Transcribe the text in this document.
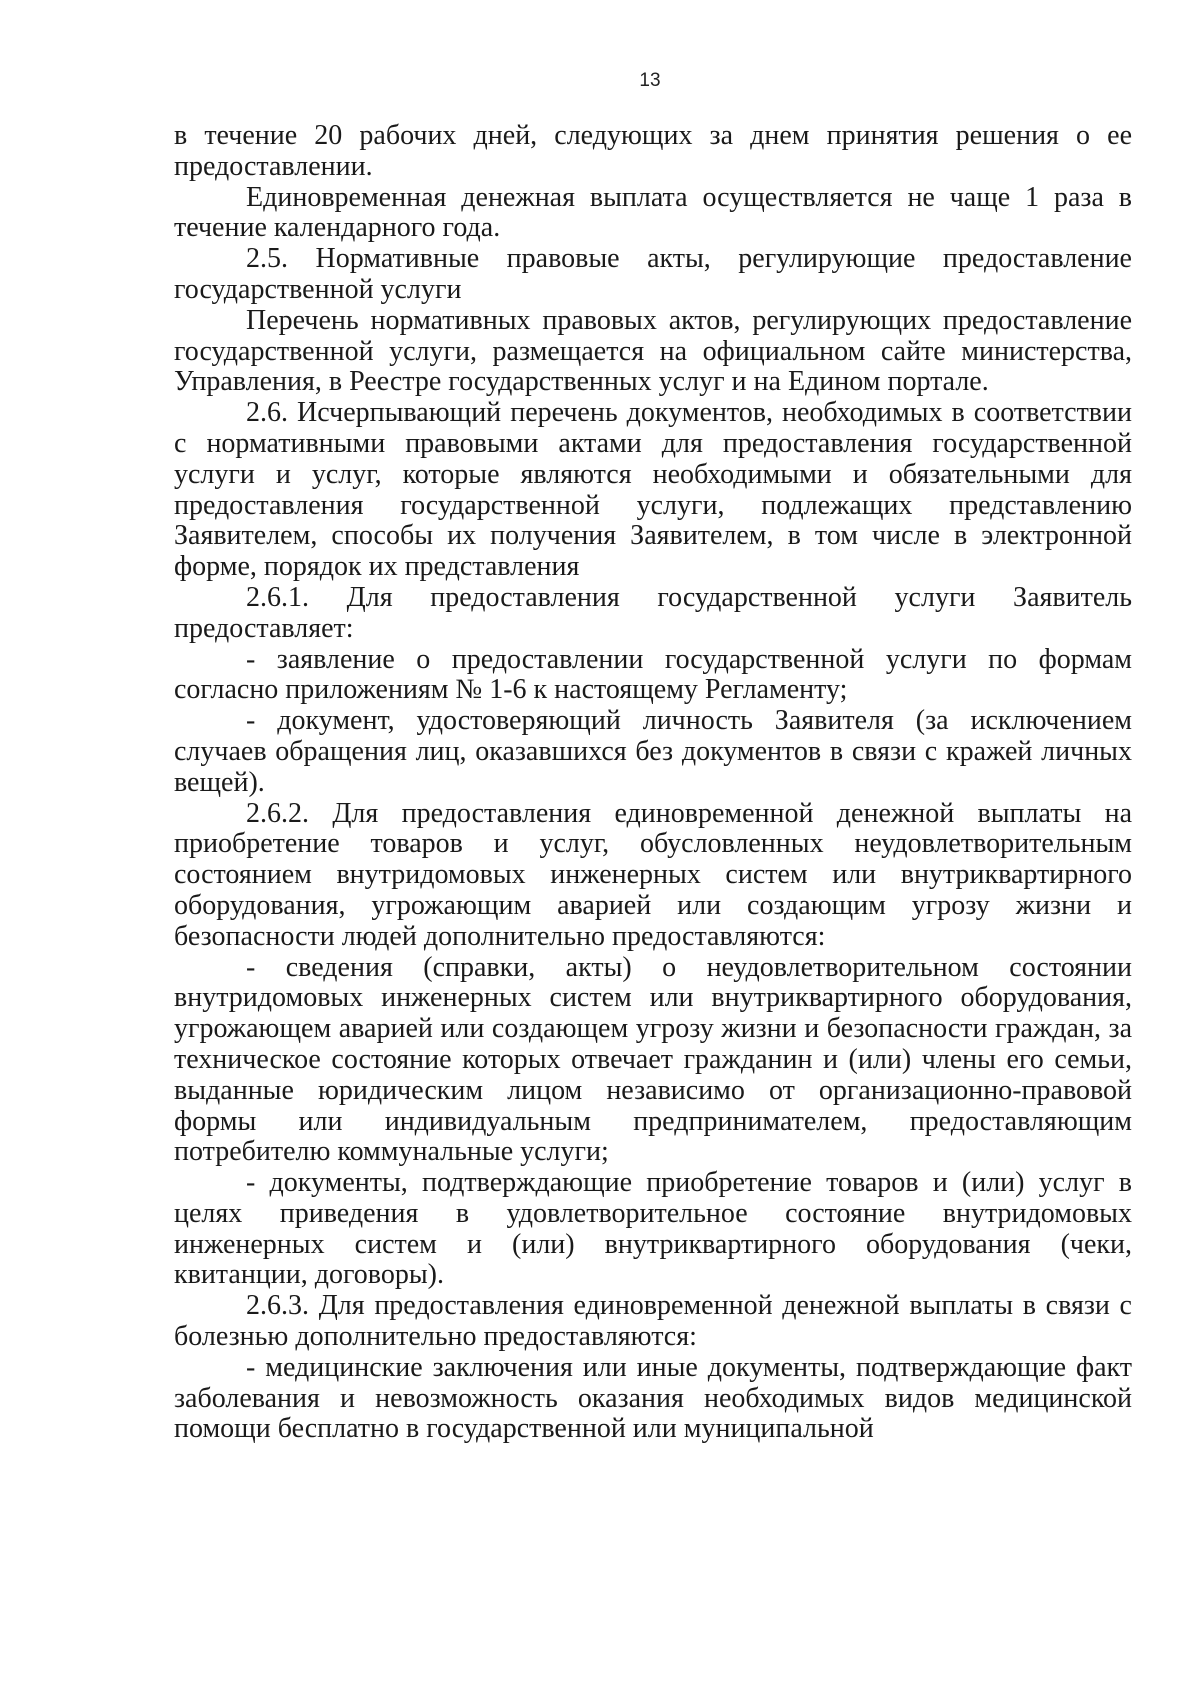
13

в течение 20 рабочих дней, следующих за днем принятия решения о ее предоставлении.

Единовременная денежная выплата осуществляется не чаще 1 раза в течение календарного года.

2.5. Нормативные правовые акты, регулирующие предоставление государственной услуги

Перечень нормативных правовых актов, регулирующих предоставление государственной услуги, размещается на официальном сайте министерства, Управления, в Реестре государственных услуг и на Едином портале.

2.6. Исчерпывающий перечень документов, необходимых в соответствии с нормативными правовыми актами для предоставления государственной услуги и услуг, которые являются необходимыми и обязательными для предоставления государственной услуги, подлежащих представлению Заявителем, способы их получения Заявителем, в том числе в электронной форме, порядок их представления

2.6.1. Для предоставления государственной услуги Заявитель предоставляет:

- заявление о предоставлении государственной услуги по формам согласно приложениям № 1-6 к настоящему Регламенту;

- документ, удостоверяющий личность Заявителя (за исключением случаев обращения лиц, оказавшихся без документов в связи с кражей личных вещей).

2.6.2. Для предоставления единовременной денежной выплаты на приобретение товаров и услуг, обусловленных неудовлетворительным состоянием внутридомовых инженерных систем или внутриквартирного оборудования, угрожающим аварией или создающим угрозу жизни и безопасности людей дополнительно предоставляются:

- сведения (справки, акты) о неудовлетворительном состоянии внутридомовых инженерных систем или внутриквартирного оборудования, угрожающем аварией или создающем угрозу жизни и безопасности граждан, за техническое состояние которых отвечает гражданин и (или) члены его семьи, выданные юридическим лицом независимо от организационно-правовой формы или индивидуальным предпринимателем, предоставляющим потребителю коммунальные услуги;

- документы, подтверждающие приобретение товаров и (или) услуг в целях приведения в удовлетворительное состояние внутридомовых инженерных систем и (или) внутриквартирного оборудования (чеки, квитанции, договоры).

2.6.3. Для предоставления единовременной денежной выплаты в связи с болезнью дополнительно предоставляются:

- медицинские заключения или иные документы, подтверждающие факт заболевания и невозможность оказания необходимых видов медицинской помощи бесплатно в государственной или муниципальной
